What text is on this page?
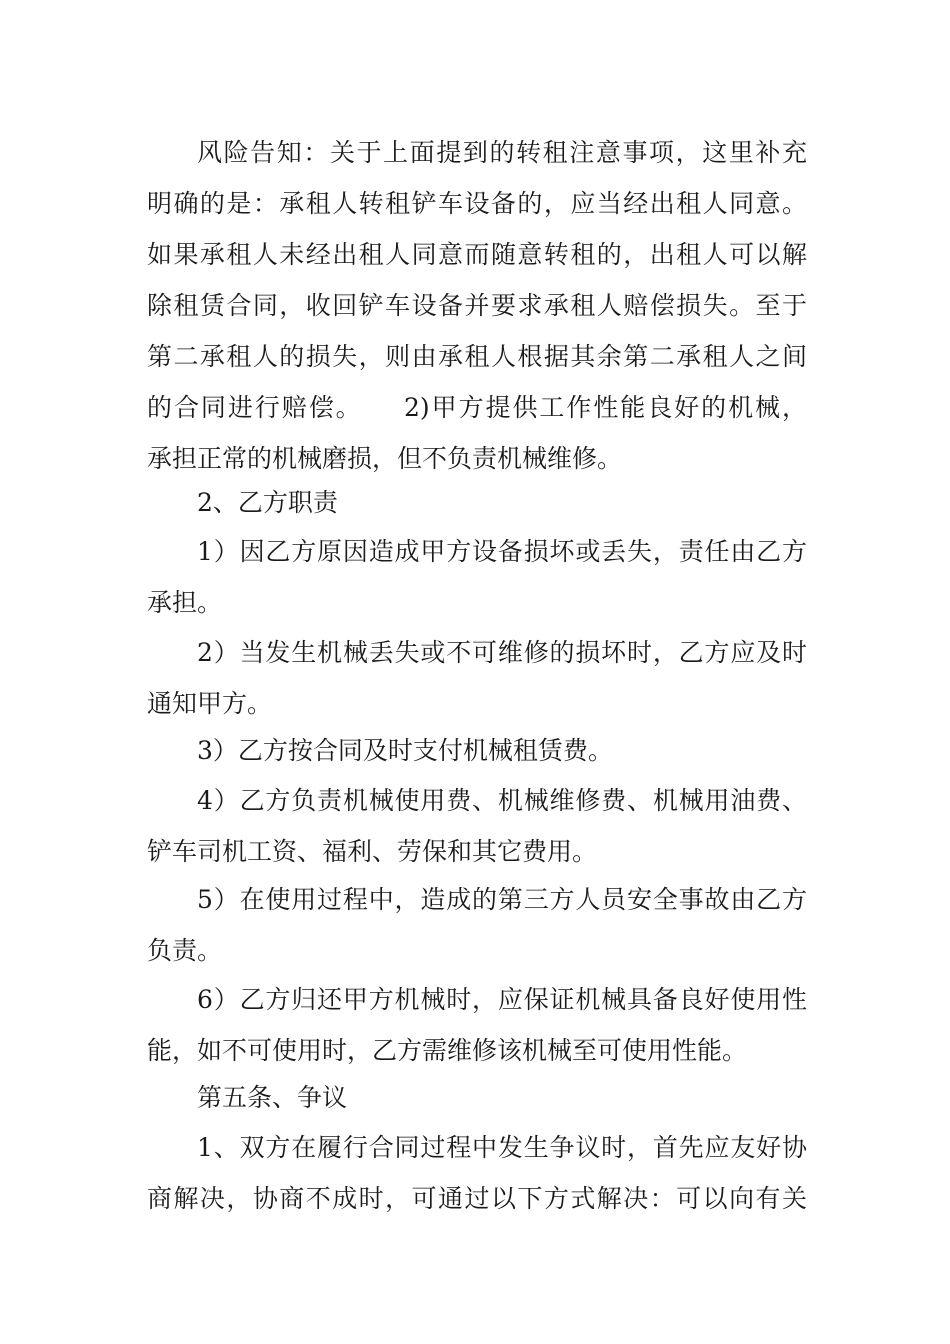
风险告知：关于上面提到的转租注意事项，这里补充
明确的是：承租人转租铲车设备的，应当经出租人同意。
如果承租人未经出租人同意而随意转租的，出租人可以解
除租赁合同，收回铲车设备并要求承租人赔偿损失。至于
第二承租人的损失，则由承租人根据其余第二承租人之间
的合同进行赔偿。　　2)甲方提供工作性能良好的机械，
承担正常的机械磨损，但不负责机械维修。
2、乙方职责
1）因乙方原因造成甲方设备损坏或丢失，责任由乙方
承担。
2）当发生机械丢失或不可维修的损坏时，乙方应及时
通知甲方。
3）乙方按合同及时支付机械租赁费。
4）乙方负责机械使用费、机械维修费、机械用油费、
铲车司机工资、福利、劳保和其它费用。
5）在使用过程中，造成的第三方人员安全事故由乙方
负责。
6）乙方归还甲方机械时，应保证机械具备良好使用性
能，如不可使用时，乙方需维修该机械至可使用性能。
第五条、争议
1、双方在履行合同过程中发生争议时，首先应友好协
商解决，协商不成时，可通过以下方式解决：可以向有关
